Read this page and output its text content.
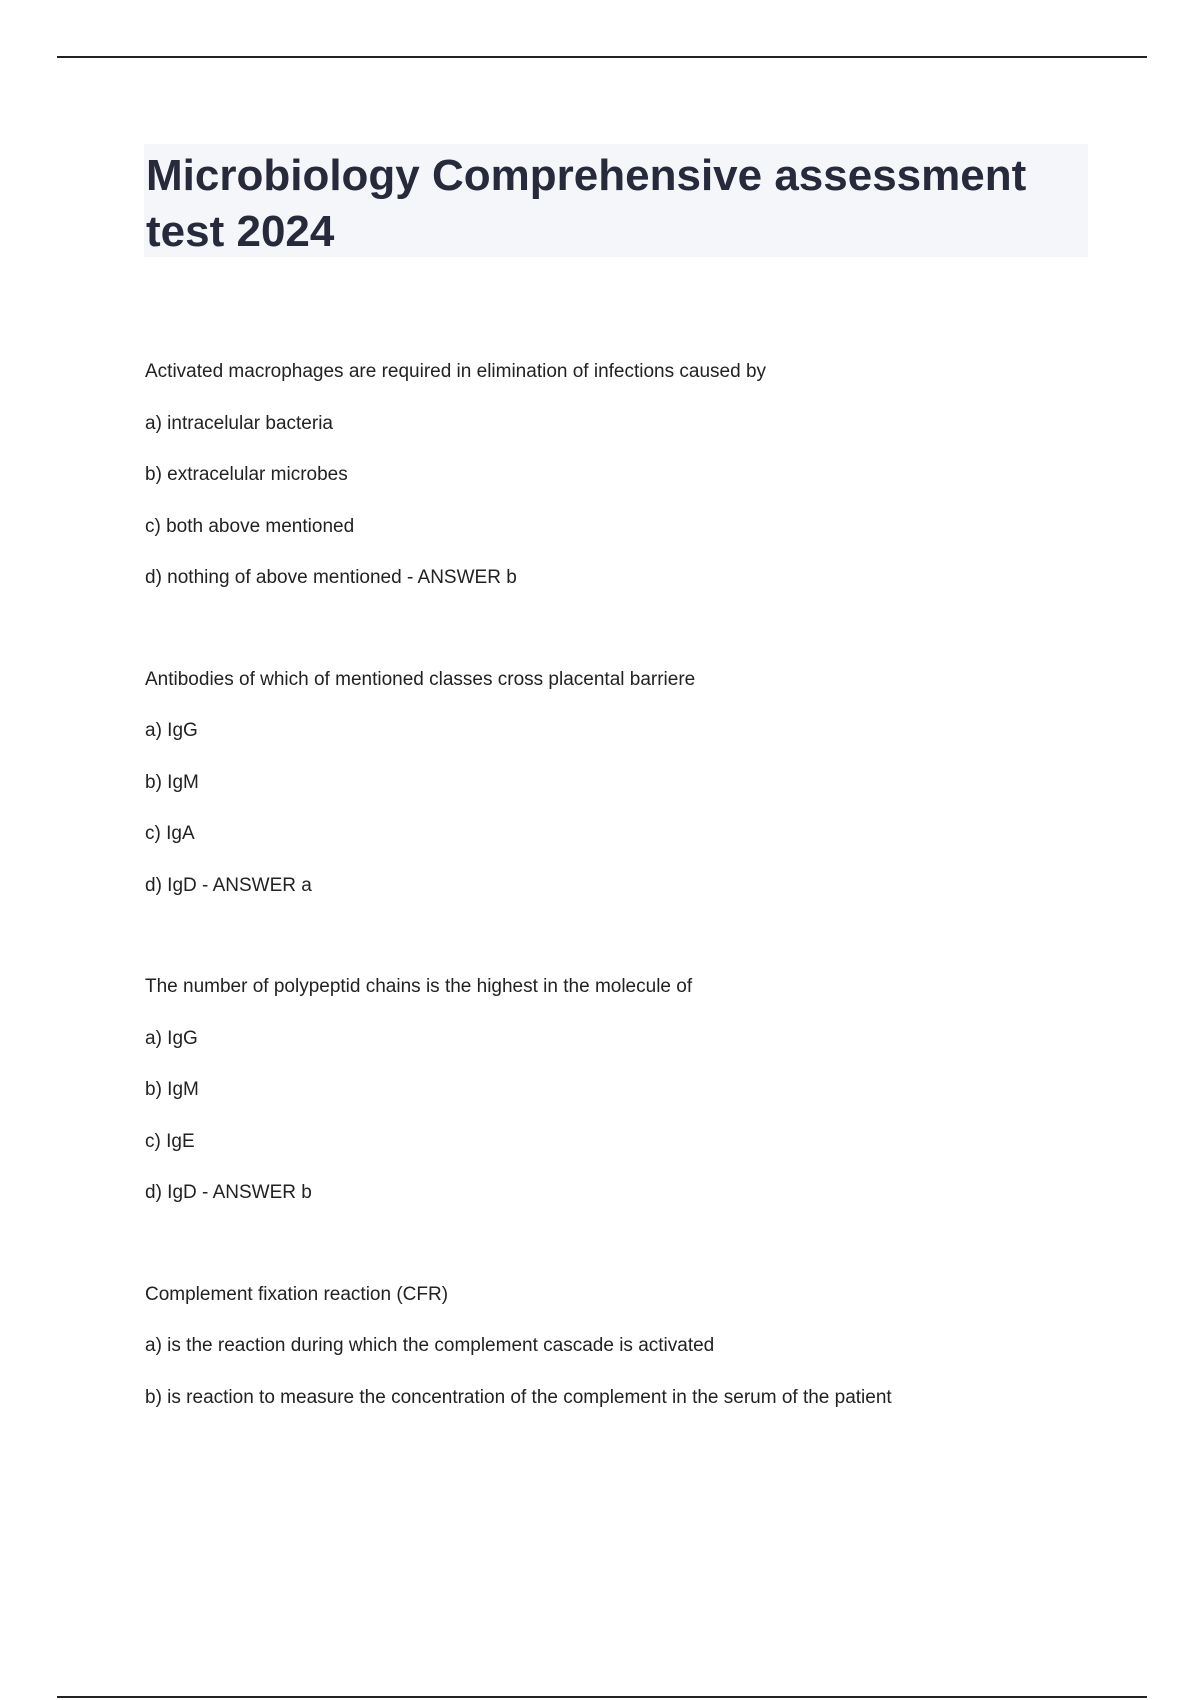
Microbiology Comprehensive assessment test 2024
Activated macrophages are required in elimination of infections caused by
a) intracelular bacteria
b) extracelular microbes
c) both above mentioned
d) nothing of above mentioned - ANSWER b
Antibodies of which of mentioned classes cross placental barriere
a) IgG
b) IgM
c) IgA
d) IgD - ANSWER a
The number of polypeptid chains is the highest in the molecule of
a) IgG
b) IgM
c) IgE
d) IgD - ANSWER b
Complement fixation reaction (CFR)
a) is the reaction during which the complement cascade is activated
b) is reaction to measure the concentration of the complement in the serum of the patient
